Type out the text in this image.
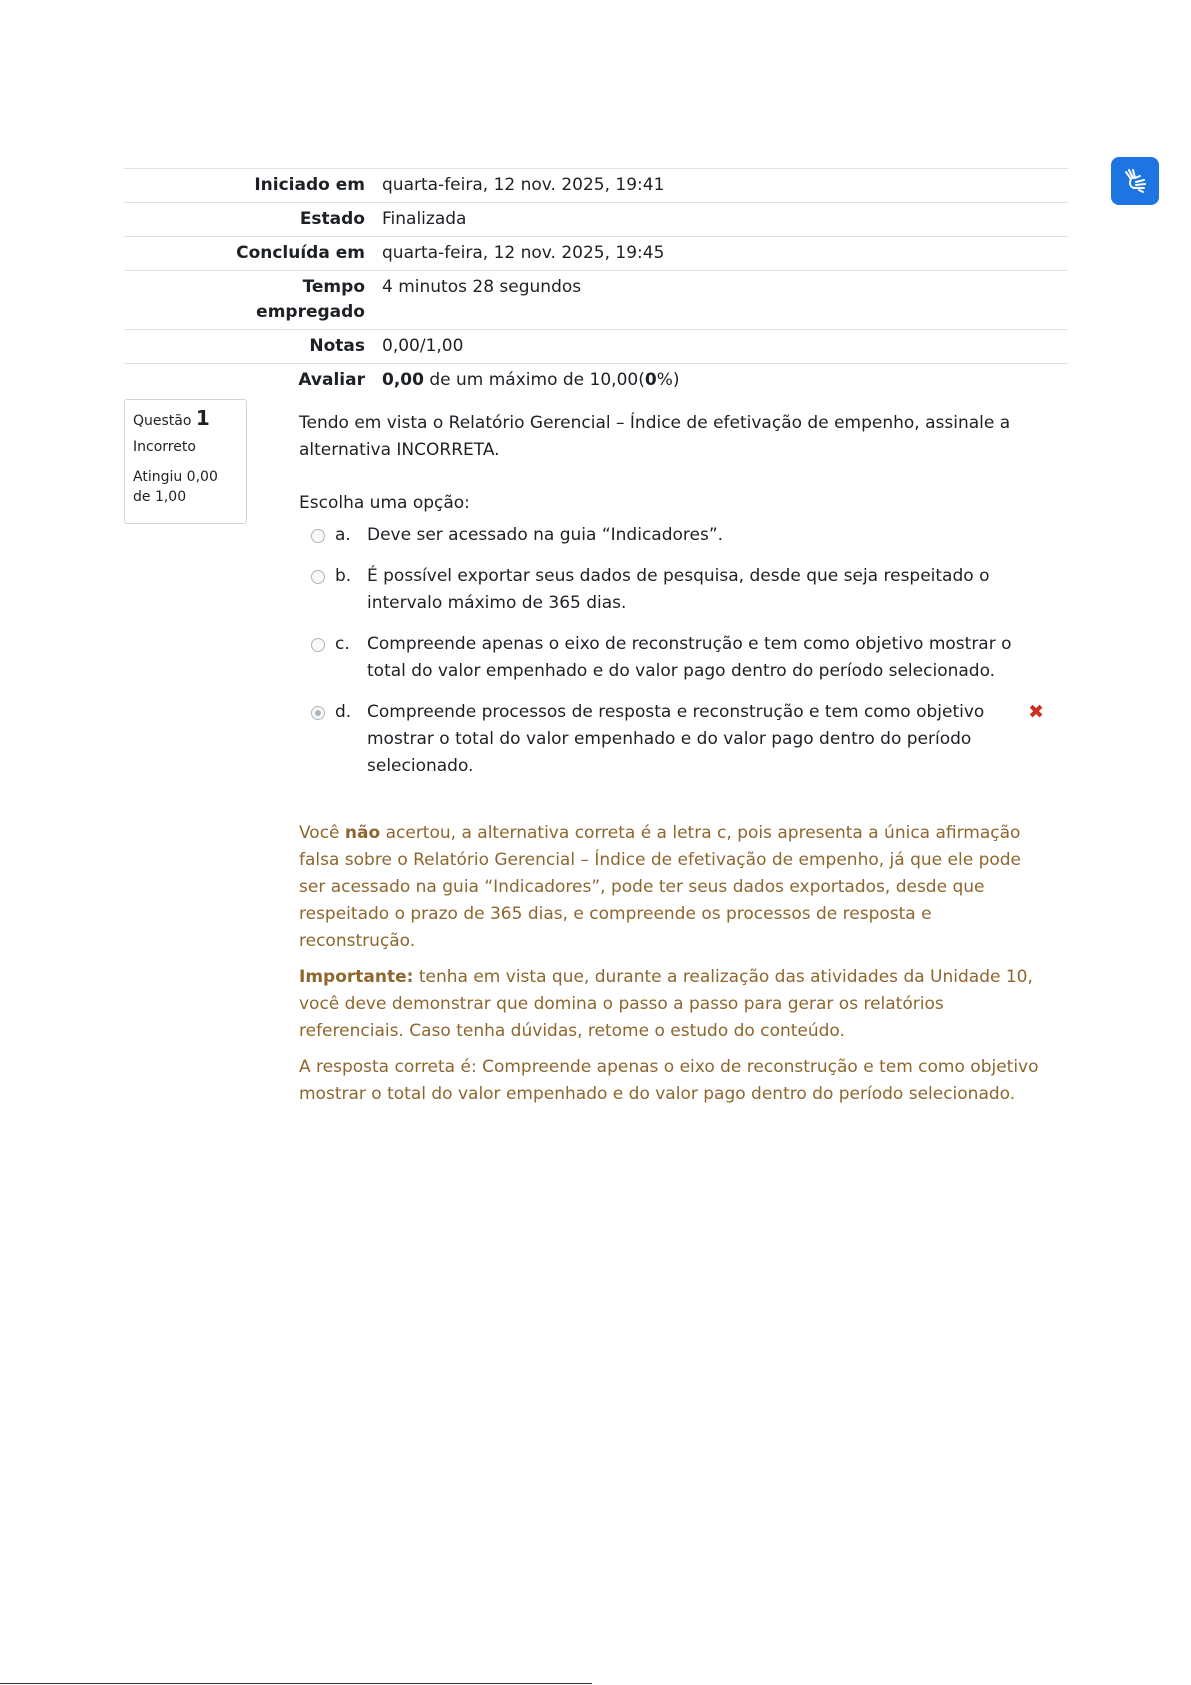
Iniciado em	quarta-feira, 12 nov. 2025, 19:41
Estado	Finalizada
Concluída em	quarta-feira, 12 nov. 2025, 19:45
Tempo empregado	4 minutos 28 segundos
Notas	0,00/1,00
Avaliar	0,00 de um máximo de 10,00(0%)
Questão 1
Incorreto
Atingiu 0,00 de 1,00

Tendo em vista o Relatório Gerencial – Índice de efetivação de empenho, assinale a alternativa INCORRETA.

Escolha uma opção:

a. Deve ser acessado na guia “Indicadores”.
b. É possível exportar seus dados de pesquisa, desde que seja respeitado o intervalo máximo de 365 dias.
c.	Compreende apenas o eixo de reconstrução e tem como objetivo mostrar o total do valor empenhado e do valor pago dentro do período selecionado.
d. Compreende processos de resposta e reconstrução e tem como objetivo mostrar o total do valor empenhado e do valor pago dentro do período selecionado.
✖

Você não acertou, a alternativa correta é a letra c, pois apresenta a única afirmação falsa sobre o Relatório Gerencial – Índice de efetivação de empenho, já que ele pode ser acessado na guia “Indicadores”, pode ter seus dados exportados, desde que respeitado o prazo de 365 dias, e compreende os processos de resposta e reconstrução.

Importante: tenha em vista que, durante a realização das atividades da Unidade 10, você deve demonstrar que domina o passo a passo para gerar os relatórios referenciais. Caso tenha dúvidas, retome o estudo do conteúdo.

A resposta correta é: Compreende apenas o eixo de reconstrução e tem como objetivo mostrar o total do valor empenhado e do valor pago dentro do período selecionado.
